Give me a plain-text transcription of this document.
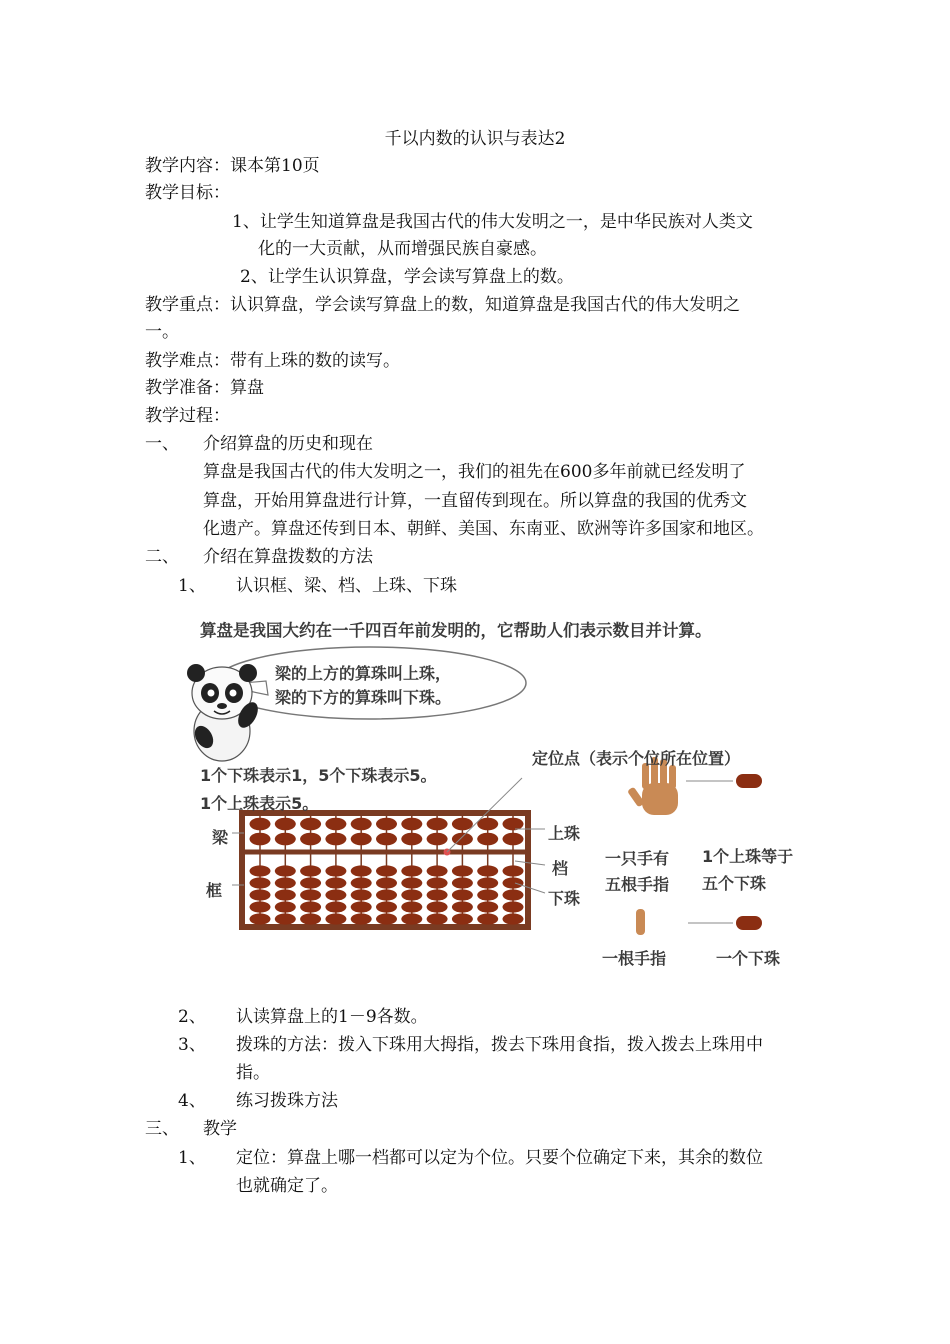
千以内数的认识与表达2
教学内容：课本第10页
教学目标：
1、让学生知道算盘是我国古代的伟大发明之一，是中华民族对人类文
化的一大贡献，从而增强民族自豪感。
2、让学生认识算盘，学会读写算盘上的数。
教学重点：认识算盘，学会读写算盘上的数，知道算盘是我国古代的伟大发明之
一。
教学难点：带有上珠的数的读写。
教学准备：算盘
教学过程：
一、 介绍算盘的历史和现在
算盘是我国古代的伟大发明之一，我们的祖先在600多年前就已经发明了
算盘，开始用算盘进行计算，一直留传到现在。所以算盘的我国的优秀文
化遗产。算盘还传到日本、朝鲜、美国、东南亚、欧洲等许多国家和地区。
二、 介绍在算盘拨数的方法
1、 认识框、梁、档、上珠、下珠
算盘是我国大约在一千四百年前发明的，它帮助人们表示数目并计算。
梁的上方的算珠叫上珠，
梁的下方的算珠叫下珠。
1个下珠表示1，5个下珠表示5。
1个上珠表示5。
定位点（表示个位所在位置）
梁
框
上珠
档
下珠
一只手有
五根手指
1个上珠等于
五个下珠
一根手指	一个下珠
2、 认读算盘上的1－9各数。
3、 拨珠的方法：拨入下珠用大拇指，拨去下珠用食指，拨入拨去上珠用中
指。
4、 练习拨珠方法
三、 教学
1、 定位：算盘上哪一档都可以定为个位。只要个位确定下来，其余的数位
也就确定了。
